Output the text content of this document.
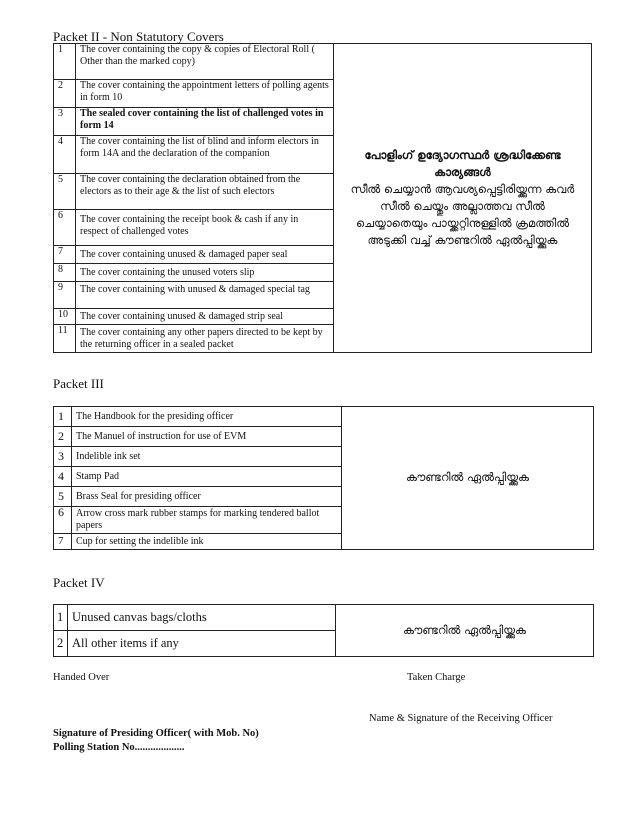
Packet II - Non Statutory Covers
1	The cover containing the copy & copies of Electoral Roll ( Other than the marked copy)	പോളിംഗ് ഉദ്യോഗസ്ഥര്‍ ശ്രദ്ധിക്കേണ്ട കാര്യങ്ങള്‍
സീല്‍ ചെയ്യാന്‍ ആവശ്യപ്പെട്ടിരിയ്ക്കുന്ന കവര്‍ സീല്‍ ചെയ്തും അല്ലാത്തവ സീല്‍ ചെയ്യാതെയും പായ്ക്കറ്റിനുള്ളില്‍ ക്രമത്തില്‍ അടുക്കി വച്ച് കൗണ്ടറില്‍ ഏല്‍പ്പിയ്ക്കുക

2	The cover containing the appointment letters of polling agents in form 10	
3	The sealed cover containing the list of challenged votes in form 14	
4	The cover containing the list of blind and inform electors in form 14A and the declaration of the companion	
5	The cover containing the declaration obtained from the electors as to their age & the list of such electors	
6	The cover containing the receipt book & cash if any in respect of challenged votes	
7	The cover containing unused & damaged paper seal	
8	The cover containing the unused voters slip	
9	The cover containing with unused & damaged special tag	
10	The cover containing unused & damaged strip seal	
11	The cover containing any other papers directed to be kept by the returning officer in a sealed packet	
Packet III
1	The Handbook for the presiding officer	കൗണ്ടറില്‍ ഏല്‍പ്പിയ്ക്കുക

2	The Manuel of instruction for use of EVM	
3	Indelible ink set	
4	Stamp Pad	
5	Brass Seal for presiding officer	
6	Arrow cross mark rubber stamps for marking tendered ballot papers	
7	Cup for setting the indelible ink	
Packet IV
1	Unused canvas bags/cloths	കൗണ്ടറില്‍ ഏല്‍പ്പിയ്ക്കുക

2	All other items if any	
Handed Over	Taken Charge
Name & Signature of the Receiving Officer
Signature of Presiding Officer( with Mob. No)
Polling Station No...................
